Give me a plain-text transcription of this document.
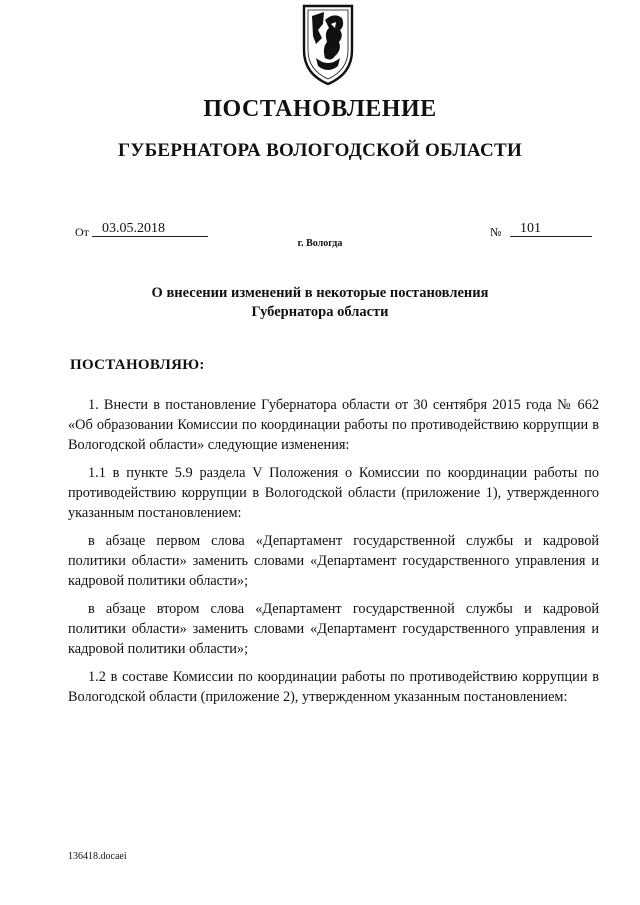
ПОСТАНОВЛЕНИЕ
ГУБЕРНАТОРА ВОЛОГОДСКОЙ ОБЛАСТИ
От 03.05.2018	№	101
г. Вологда
О внесении изменений в некоторые постановления
Губернатора области
ПОСТАНОВЛЯЮ:

1. Внести в постановление Губернатора области от 30 сентября 2015 года № 662 «Об образовании Комиссии по координации работы по противодействию коррупции в Вологодской области» следующие изменения:

1.1 в пункте 5.9 раздела V Положения о Комиссии по координации работы по противодействию коррупции в Вологодской области (приложение 1), утвержденного указанным постановлением:

в абзаце первом слова «Департамент государственной службы и кадровой политики области» заменить словами «Департамент государственного управления и кадровой политики области»;

в абзаце втором слова «Департамент государственной службы и кадровой политики области» заменить словами «Департамент государственного управления и кадровой политики области»;

1.2 в составе Комиссии по координации работы по противодействию коррупции в Вологодской области (приложение 2), утвержденном указанным постановлением:

136418.docaei
